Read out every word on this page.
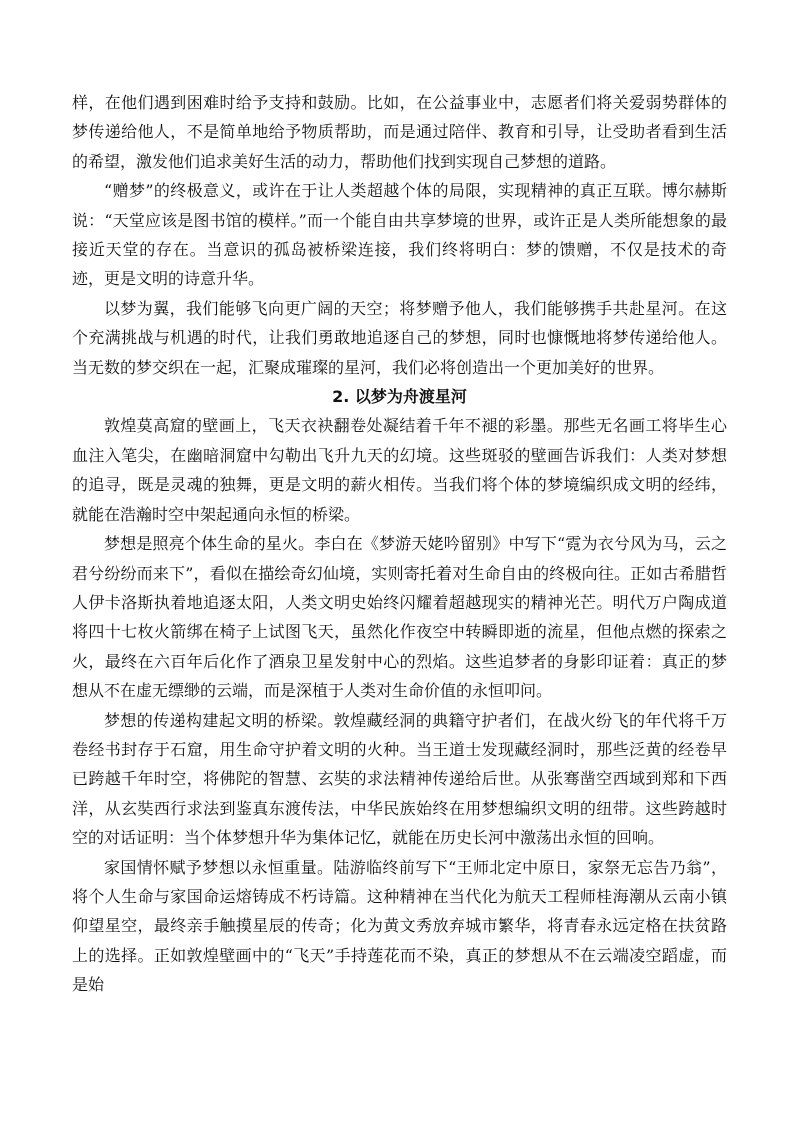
样，在他们遇到困难时给予支持和鼓励。比如，在公益事业中，志愿者们将关爱弱势群体的梦传递给他人，不是简单地给予物质帮助，而是通过陪伴、教育和引导，让受助者看到生活的希望，激发他们追求美好生活的动力，帮助他们找到实现自己梦想的道路。

“赠梦”的终极意义，或许在于让人类超越个体的局限，实现精神的真正互联。博尔赫斯说：“天堂应该是图书馆的模样。”而一个能自由共享梦境的世界，或许正是人类所能想象的最接近天堂的存在。当意识的孤岛被桥梁连接，我们终将明白：梦的馈赠，不仅是技术的奇迹，更是文明的诗意升华。

以梦为翼，我们能够飞向更广阔的天空；将梦赠予他人，我们能够携手共赴星河。在这个充满挑战与机遇的时代，让我们勇敢地追逐自己的梦想，同时也慷慨地将梦传递给他人。当无数的梦交织在一起，汇聚成璀璨的星河，我们必将创造出一个更加美好的世界。

2. 以梦为舟渡星河

敦煌莫高窟的壁画上，飞天衣袂翻卷处凝结着千年不褪的彩墨。那些无名画工将毕生心血注入笔尖，在幽暗洞窟中勾勒出飞升九天的幻境。这些斑驳的壁画告诉我们：人类对梦想的追寻，既是灵魂的独舞，更是文明的薪火相传。当我们将个体的梦境编织成文明的经纬，就能在浩瀚时空中架起通向永恒的桥梁。

梦想是照亮个体生命的星火。李白在《梦游天姥吟留别》中写下“霓为衣兮风为马，云之君兮纷纷而来下”，看似在描绘奇幻仙境，实则寄托着对生命自由的终极向往。正如古希腊哲人伊卡洛斯执着地追逐太阳，人类文明史始终闪耀着超越现实的精神光芒。明代万户陶成道将四十七枚火箭绑在椅子上试图飞天，虽然化作夜空中转瞬即逝的流星，但他点燃的探索之火，最终在六百年后化作了酒泉卫星发射中心的烈焰。这些追梦者的身影印证着：真正的梦想从不在虚无缥缈的云端，而是深植于人类对生命价值的永恒叩问。

梦想的传递构建起文明的桥梁。敦煌藏经洞的典籍守护者们，在战火纷飞的年代将千万卷经书封存于石窟，用生命守护着文明的火种。当王道士发现藏经洞时，那些泛黄的经卷早已跨越千年时空，将佛陀的智慧、玄奘的求法精神传递给后世。从张骞凿空西域到郑和下西洋，从玄奘西行求法到鉴真东渡传法，中华民族始终在用梦想编织文明的纽带。这些跨越时空的对话证明：当个体梦想升华为集体记忆，就能在历史长河中激荡出永恒的回响。

家国情怀赋予梦想以永恒重量。陆游临终前写下“王师北定中原日，家祭无忘告乃翁”，将个人生命与家国命运熔铸成不朽诗篇。这种精神在当代化为航天工程师桂海潮从云南小镇仰望星空，最终亲手触摸星辰的传奇；化为黄文秀放弃城市繁华，将青春永远定格在扶贫路上的选择。正如敦煌壁画中的“飞天”手持莲花而不染，真正的梦想从不在云端凌空蹈虚，而是始
